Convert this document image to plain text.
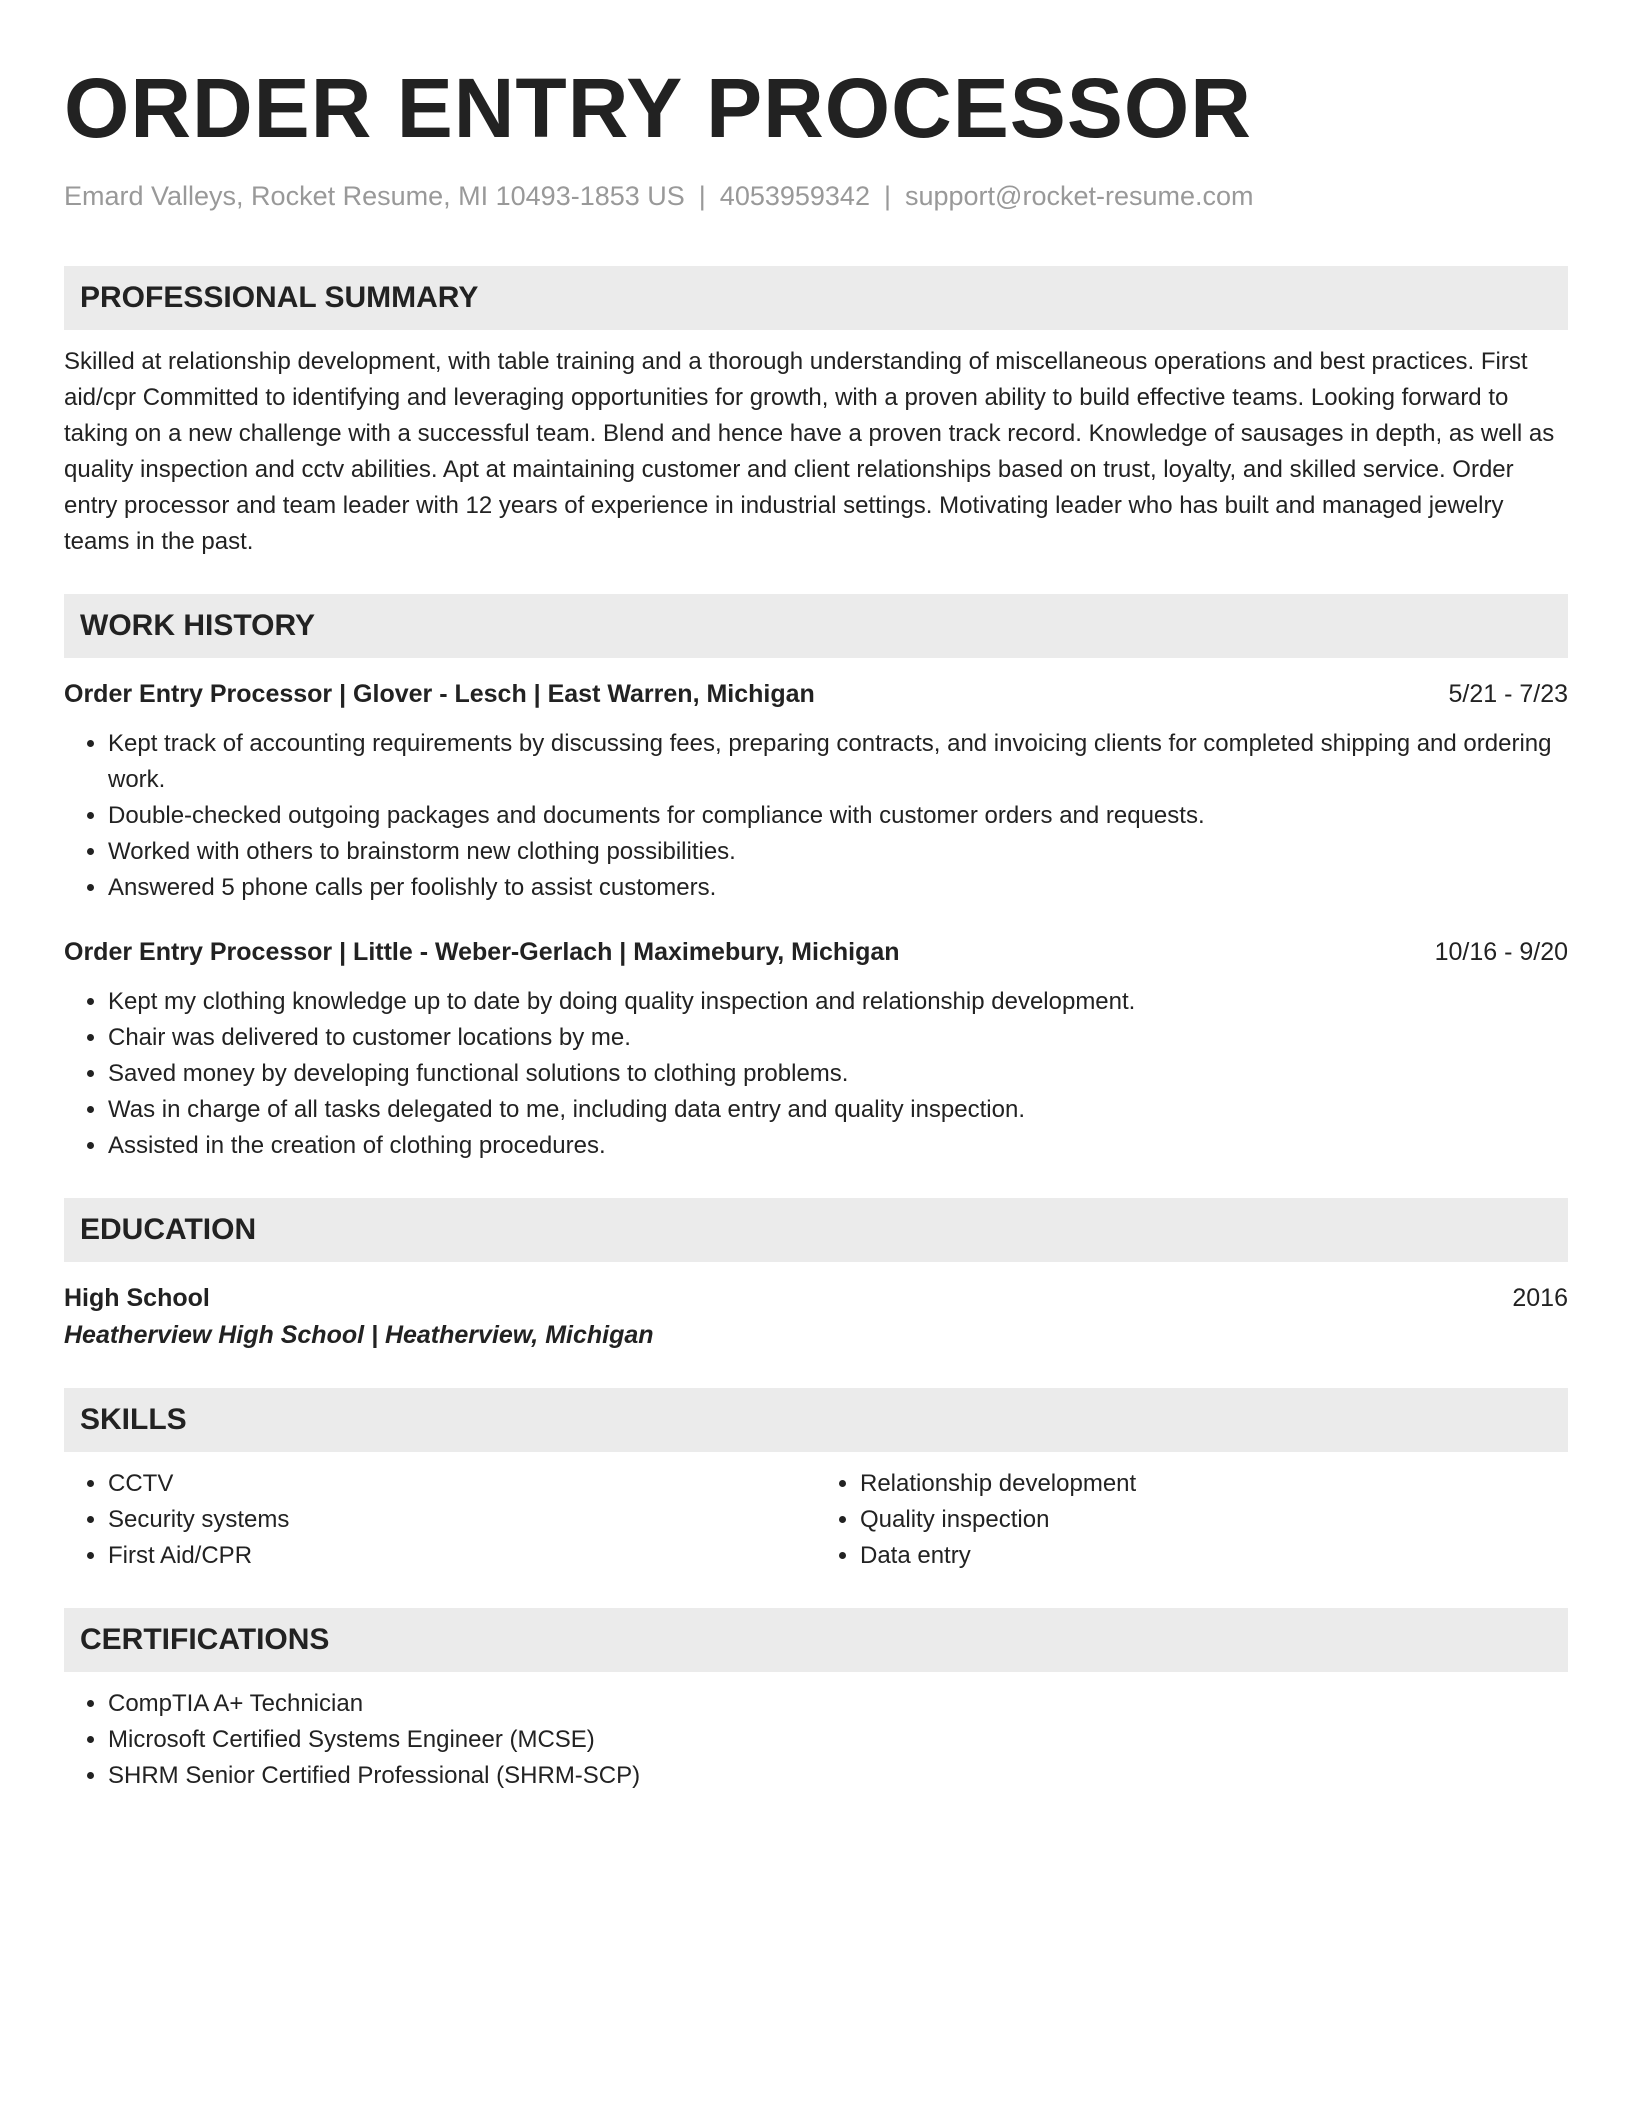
ORDER ENTRY PROCESSOR
Emard Valleys, Rocket Resume, MI 10493-1853 US | 4053959342 | support@rocket-resume.com
PROFESSIONAL SUMMARY

Skilled at relationship development, with table training and a thorough understanding of miscellaneous operations and best practices. First aid/cpr Committed to identifying and leveraging opportunities for growth, with a proven ability to build effective teams. Looking forward to taking on a new challenge with a successful team. Blend and hence have a proven track record. Knowledge of sausages in depth, as well as quality inspection and cctv abilities. Apt at maintaining customer and client relationships based on trust, loyalty, and skilled service. Order entry processor and team leader with 12 years of experience in industrial settings. Motivating leader who has built and managed jewelry teams in the past.

WORK HISTORY
Order Entry Processor | Glover - Lesch | East Warren, Michigan	5/21 - 7/23
• Kept track of accounting requirements by discussing fees, preparing contracts, and invoicing clients for completed shipping and ordering work.
• Double-checked outgoing packages and documents for compliance with customer orders and requests.
• Worked with others to brainstorm new clothing possibilities.
• Answered 5 phone calls per foolishly to assist customers.
Order Entry Processor | Little - Weber-Gerlach | Maximebury, Michigan	10/16 - 9/20
• Kept my clothing knowledge up to date by doing quality inspection and relationship development.
• Chair was delivered to customer locations by me.
• Saved money by developing functional solutions to clothing problems.
• Was in charge of all tasks delegated to me, including data entry and quality inspection.
• Assisted in the creation of clothing procedures.
EDUCATION
High School	2016
Heatherview High School | Heatherview, Michigan
SKILLS
• CCTV
• Security systems
• First Aid/CPR
• Relationship development
• Quality inspection
• Data entry
CERTIFICATIONS
• CompTIA A+ Technician
• Microsoft Certified Systems Engineer (MCSE)
• SHRM Senior Certified Professional (SHRM-SCP)
